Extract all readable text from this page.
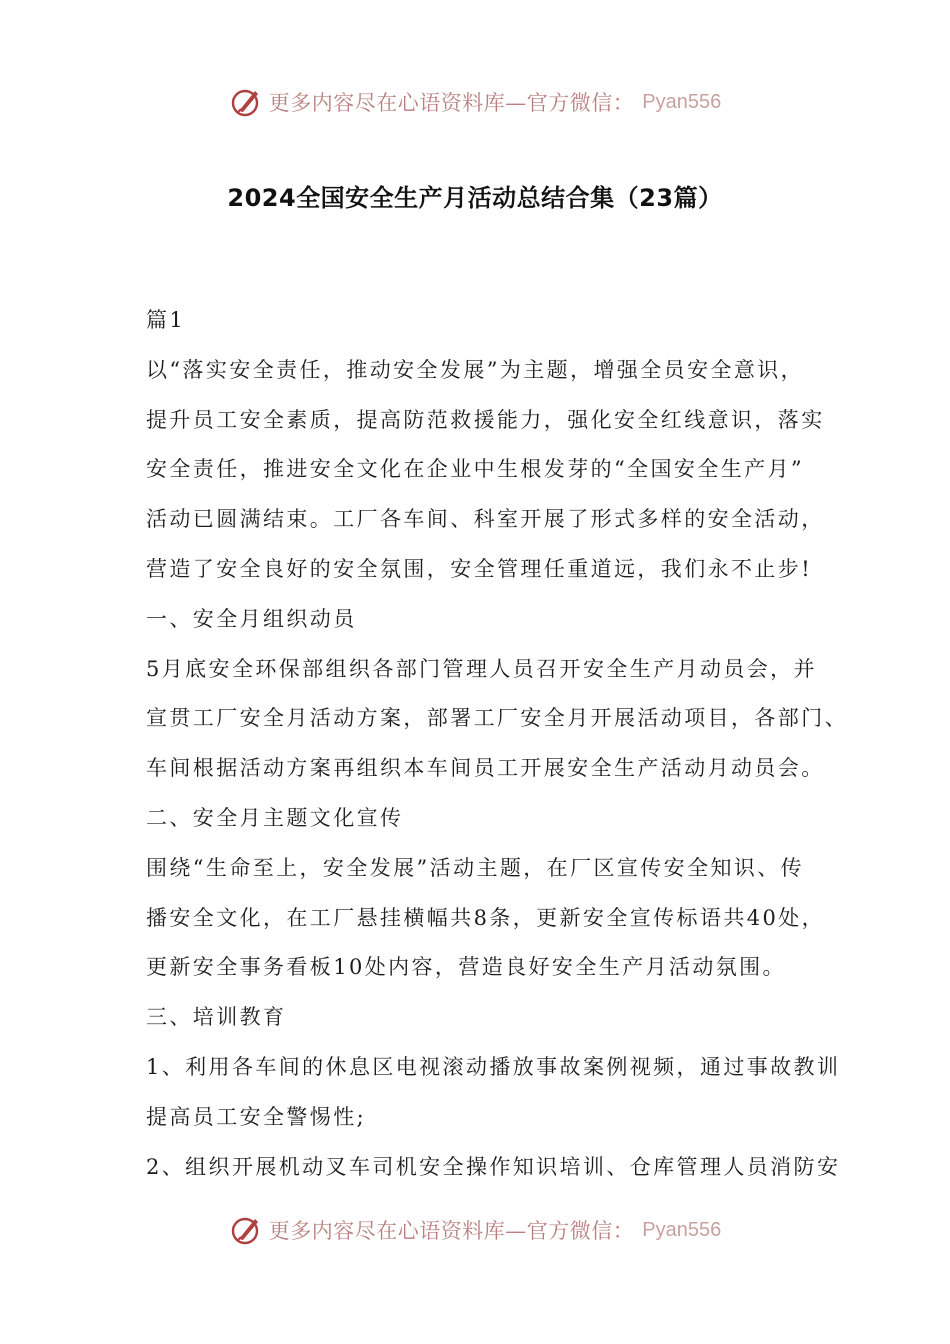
更多内容尽在心语资料库—官方微信： Pyan556
2024全国安全生产月活动总结合集（23篇）
篇1
以“落实安全责任，推动安全发展”为主题，增强全员安全意识，
提升员工安全素质，提高防范救援能力，强化安全红线意识，落实
安全责任，推进安全文化在企业中生根发芽的“全国安全生产月”
活动已圆满结束。工厂各车间、科室开展了形式多样的安全活动，
营造了安全良好的安全氛围，安全管理任重道远，我们永不止步!
一、安全月组织动员
5月底安全环保部组织各部门管理人员召开安全生产月动员会，并
宣贯工厂安全月活动方案，部署工厂安全月开展活动项目，各部门、
车间根据活动方案再组织本车间员工开展安全生产活动月动员会。
二、安全月主题文化宣传
围绕“生命至上，安全发展”活动主题，在厂区宣传安全知识、传
播安全文化，在工厂悬挂横幅共8条，更新安全宣传标语共40处，
更新安全事务看板10处内容，营造良好安全生产月活动氛围。
三、培训教育
1、利用各车间的休息区电视滚动播放事故案例视频，通过事故教训
提高员工安全警惕性;
2、组织开展机动叉车司机安全操作知识培训、仓库管理人员消防安
更多内容尽在心语资料库—官方微信： Pyan556
